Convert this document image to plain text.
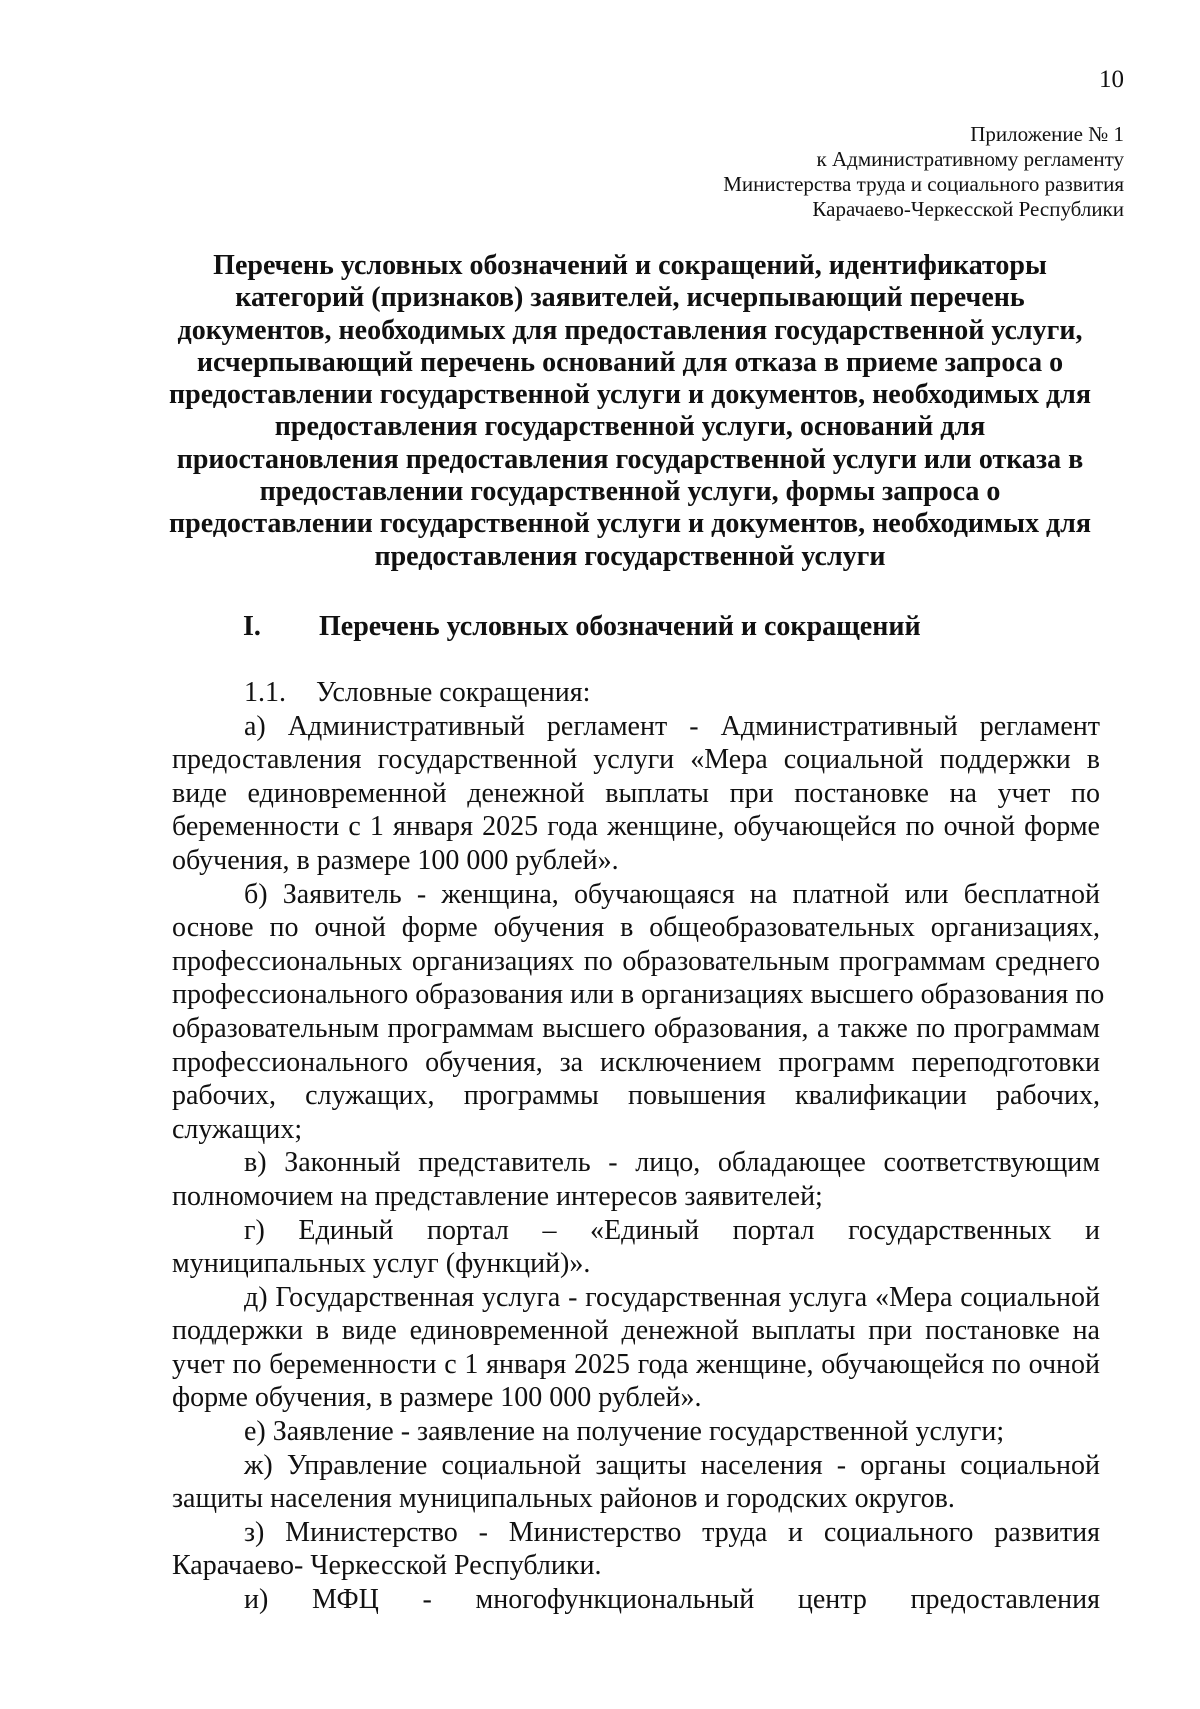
10
Приложение № 1
к Административному регламенту
Министерства труда и социального развития
Карачаево-Черкесской Республики
Перечень условных обозначений и сокращений, идентификаторы
категорий (признаков) заявителей, исчерпывающий перечень
документов, необходимых для предоставления государственной услуги,
исчерпывающий перечень оснований для отказа в приеме запроса о
предоставлении государственной услуги и документов, необходимых для
предоставления государственной услуги, оснований для
приостановления предоставления государственной услуги или отказа в
предоставлении государственной услуги, формы запроса о
предоставлении государственной услуги и документов, необходимых для
предоставления государственной услуги
I. Перечень условных обозначений и сокращений
1.1. Условные сокращения:
а) Административный регламент - Административный регламент
предоставления государственной услуги «Мера социальной поддержки в
виде единовременной денежной выплаты при постановке на учет по
беременности с 1 января 2025 года женщине, обучающейся по очной форме
обучения, в размере 100 000 рублей».
б) Заявитель - женщина, обучающаяся на платной или бесплатной
основе по очной форме обучения в общеобразовательных организациях,
профессиональных организациях по образовательным программам среднего
профессионального образования или в организациях высшего образования по
образовательным программам высшего образования, а также по программам
профессионального обучения, за исключением программ переподготовки
рабочих, служащих, программы повышения квалификации рабочих,
служащих;
в) Законный представитель - лицо, обладающее соответствующим
полномочием на представление интересов заявителей;
г) Единый портал – «Единый портал государственных и
муниципальных услуг (функций)».
д) Государственная услуга - государственная услуга «Мера социальной
поддержки в виде единовременной денежной выплаты при постановке на
учет по беременности с 1 января 2025 года женщине, обучающейся по очной
форме обучения, в размере 100 000 рублей».
е) Заявление - заявление на получение государственной услуги;
ж) Управление социальной защиты населения - органы социальной
защиты населения муниципальных районов и городских округов.
з) Министерство - Министерство труда и социального развития
Карачаево- Черкесской Республики.
и) МФЦ - многофункциональный центр предоставления
